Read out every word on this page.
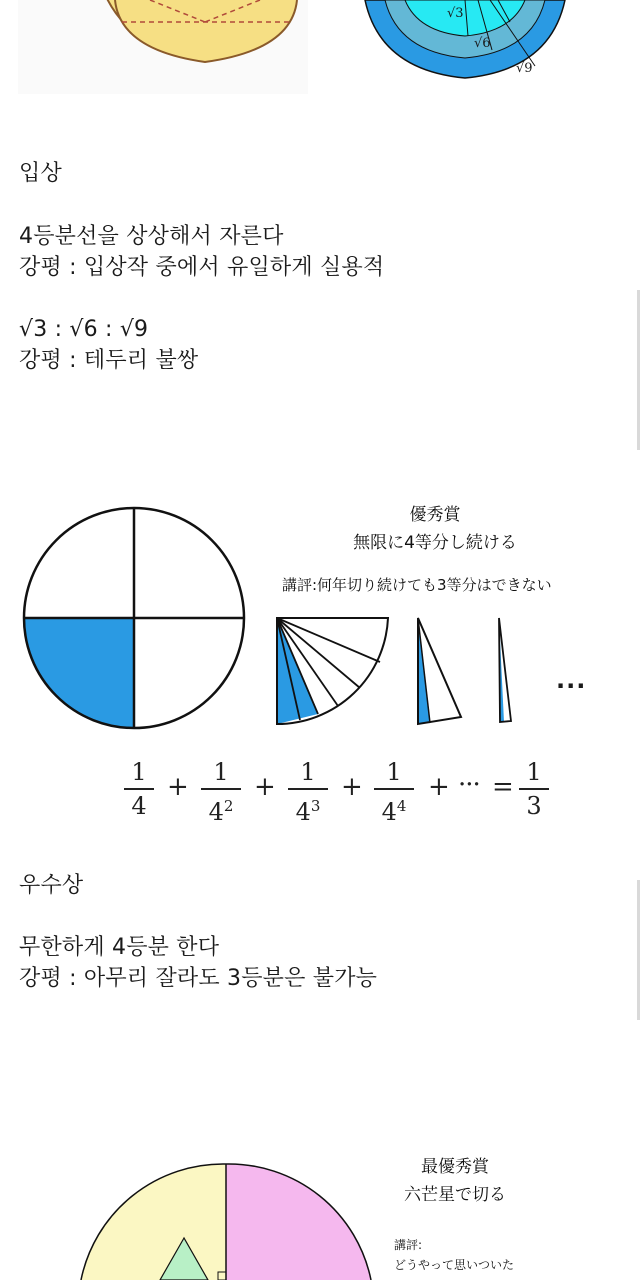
√3
√6
√9
입상
4등분선을 상상해서 자른다
강평 : 입상작 중에서 유일하게 실용적
√3 : √6 : √9
강평 : 테두리 불쌍
優秀賞
無限に4等分し続ける
講評:何年切り続けても3等分はできない
...
1
4
+	1
$4^2$
+	1
$4^3$
+ 1
$4^4$
+ ··· = 1
3
우수상
무한하게 4등분 한다
강평 : 아무리 잘라도 3등분은 불가능
最優秀賞
六芒星で切る
講評:
どうやって思いついた
